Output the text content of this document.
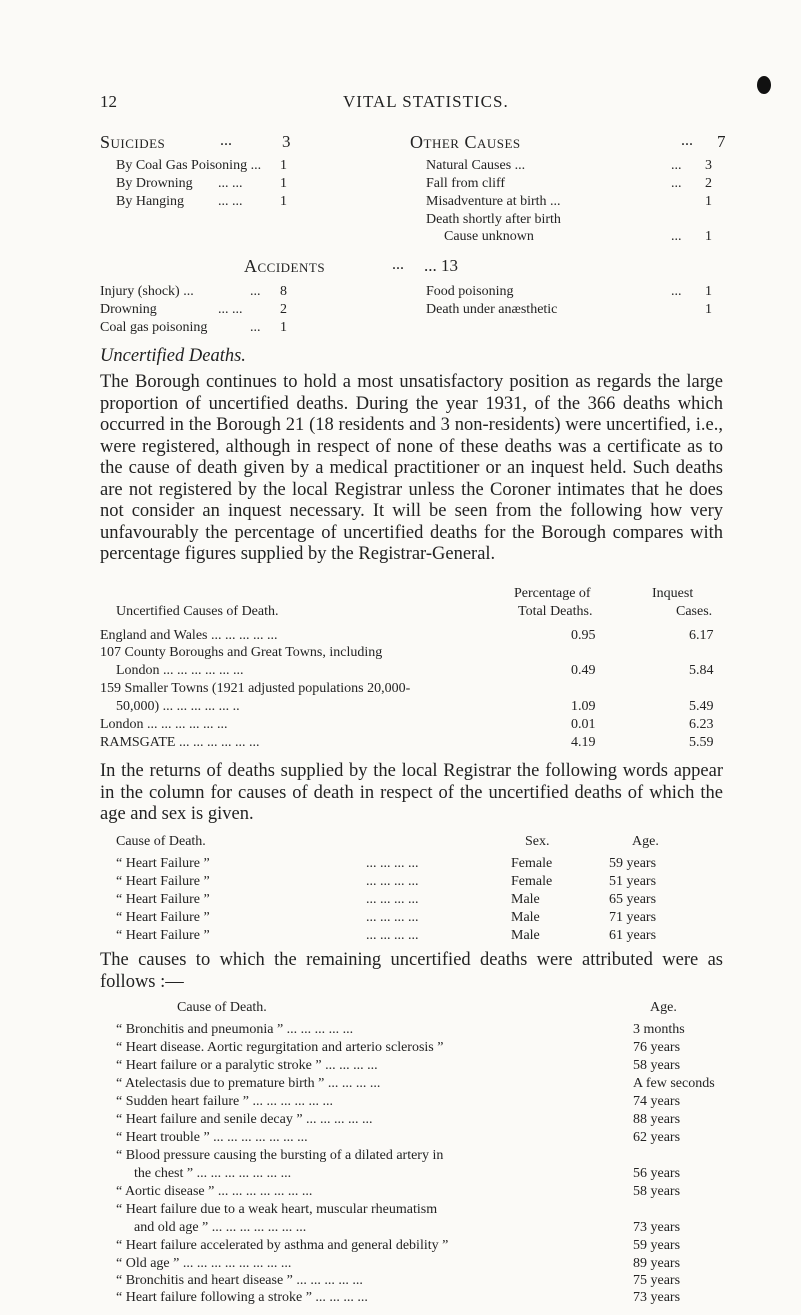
12	VITAL STATISTICS.
Suicides	...	3
By Coal Gas Poisoning ... 1
By Drowning ... ...	1
By Hanging ... ...	1
Other Causes	... 7
Natural Causes ...	... 3
Fall from cliff	... 2
Misadventure at birth ...	1
Death shortly after birth
Cause unknown	... 1
Accidents	... ... 13
Injury (shock) ...	... 8
Drowning	... ...	2
Coal gas poisoning	... 1
Food poisoning	... 1
Death under anæsthetic	1
Uncertified Deaths.
The Borough continues to hold a most unsatisfactory position as regards the large proportion of uncertified deaths. During the year 1931, of the 366 deaths which occurred in the Borough 21 (18 residents and 3 non-residents) were uncertified, i.e., were registered, although in respect of none of these deaths was a certificate as to the cause of death given by a medical practitioner or an inquest held. Such deaths are not registered by the local Registrar unless the Coroner intimates that he does not consider an inquest necessary. It will be seen from the following how very unfavourably the percentage of uncertified deaths for the Borough compares with percentage figures supplied by the Registrar-General.
Percentage of	Inquest
Uncertified Causes of Death.	Total Deaths.	Cases.
England and Wales ... ... ... ... ...	0.95	6.17
107 County Boroughs and Great Towns, including
London ... ... ... ... ... ...	0.49	5.84
159 Smaller Towns (1921 adjusted populations 20,000-
50,000) ... ... ... ... ... ..	1.09	5.49
London ... ... ... ... ... ...	0.01	6.23
RAMSGATE ... ... ... ... ... ...	4.19	5.59
In the returns of deaths supplied by the local Registrar the following words appear in the column for causes of death in respect of the uncertified deaths of which the age and sex is given.
Cause of Death.	Sex.	Age.
“ Heart Failure ”	... ... ... ...	Female	59 years
“ Heart Failure ”	... ... ... ...	Female	51 years
“ Heart Failure ”	... ... ... ...	Male	65 years
“ Heart Failure ”	... ... ... ...	Male	71 years
“ Heart Failure ”	... ... ... ...	Male	61 years
The causes to which the remaining uncertified deaths were attributed were as follows :—
Cause of Death.	Age.
“ Bronchitis and pneumonia ” ... ... ... ... ...	3 months
“ Heart disease. Aortic regurgitation and arterio sclerosis ”	76 years
“ Heart failure or a paralytic stroke ” ... ... ... ...	58 years
“ Atelectasis due to premature birth ” ... ... ... ...	A few seconds
“ Sudden heart failure ” ... ... ... ... ... ...	74 years
“ Heart failure and senile decay ” ... ... ... ... ...	88 years
“ Heart trouble ” ... ... ... ... ... ... ...	62 years
“ Blood pressure causing the bursting of a dilated artery in
the chest ” ... ... ... ... ... ... ...	56 years
“ Aortic disease ” ... ... ... ... ... ... ...	58 years
“ Heart failure due to a weak heart, muscular rheumatism
and old age ” ... ... ... ... ... ... ...	73 years
“ Heart failure accelerated by asthma and general debility ”	59 years
“ Old age ” ... ... ... ... ... ... ... ...	89 years
“ Bronchitis and heart disease ” ... ... ... ... ...	75 years
“ Heart failure following a stroke ” ... ... ... ...	73 years
